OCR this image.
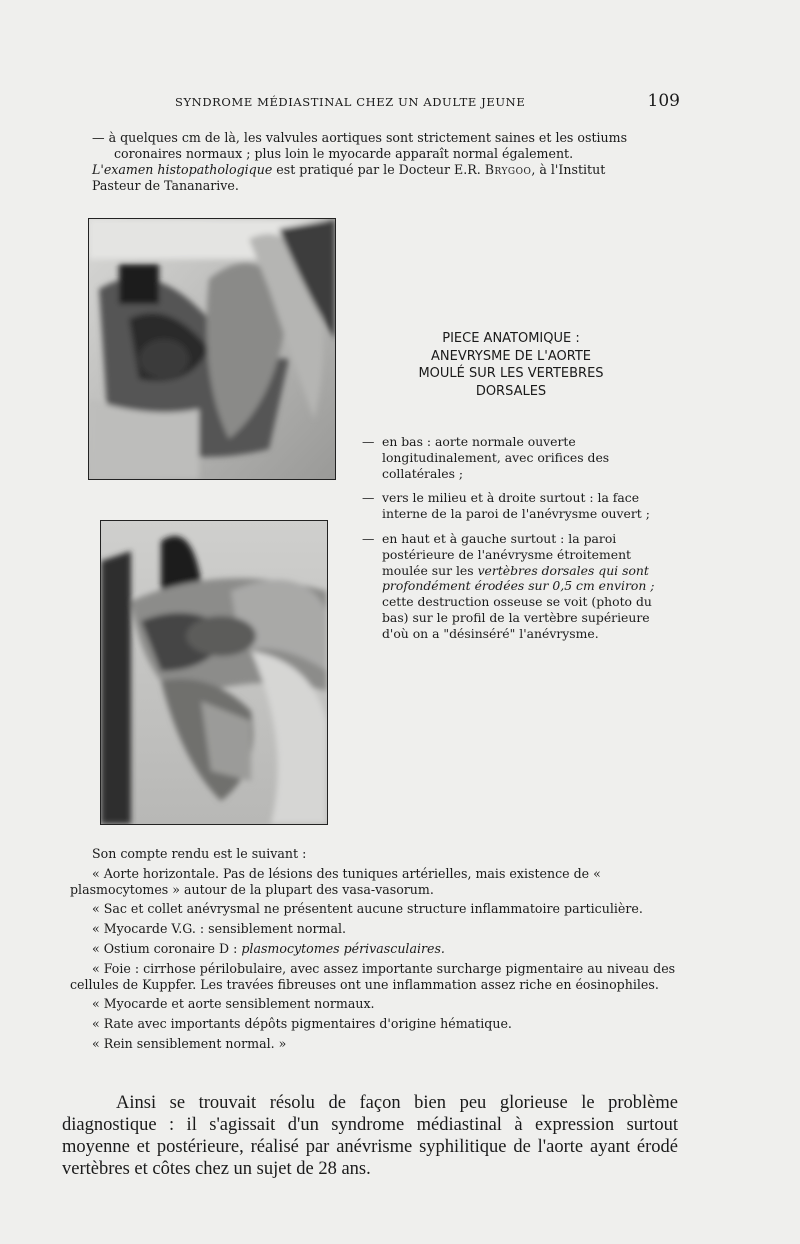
SYNDROME MÉDIASTINAL CHEZ UN ADULTE JEUNE	109
— à quelques cm de là, les valvules aortiques sont strictement saines et les ostiums
coronaires normaux ; plus loin le myocarde apparaît normal également.
L'examen histopathologique est pratiqué par le Docteur E.R. Brygoo, à l'Institut
Pasteur de Tananarive.
PIECE ANATOMIQUE :
ANEVRYSME DE L'AORTE
MOULÉ SUR LES VERTEBRES
DORSALES
— en bas : aorte normale ouverte longitudinalement, avec orifices des collatérales ;
— vers le milieu et à droite surtout : la face interne de la paroi de l'anévrysme ouvert ;
— en haut et à gauche surtout : la paroi postérieure de l'anévrysme étroitement moulée sur les vertèbres dorsales qui sont profondément érodées sur 0,5 cm environ ; cette destruction osseuse se voit (photo du bas) sur le profil de la vertèbre supérieure d'où on a "désinséré" l'anévrysme.

Son compte rendu est le suivant :

« Aorte horizontale. Pas de lésions des tuniques artérielles, mais existence de « plasmocytomes » autour de la plupart des vasa-vasorum.

« Sac et collet anévrysmal ne présentent aucune structure inflammatoire particulière.

« Myocarde V.G. : sensiblement normal.

« Ostium coronaire D : plasmocytomes périvasculaires.

« Foie : cirrhose périlobulaire, avec assez importante surcharge pigmentaire au niveau des cellules de Kuppfer. Les travées fibreuses ont une inflammation assez riche en éosinophiles.

« Myocarde et aorte sensiblement normaux.

« Rate avec importants dépôts pigmentaires d'origine hématique.

« Rein sensiblement normal. »

Ainsi se trouvait résolu de façon bien peu glorieuse le problème diagnostique : il s'agissait d'un syndrome médiastinal à expression surtout moyenne et postérieure, réalisé par anévrisme syphilitique de l'aorte ayant érodé vertèbres et côtes chez un sujet de 28 ans.
